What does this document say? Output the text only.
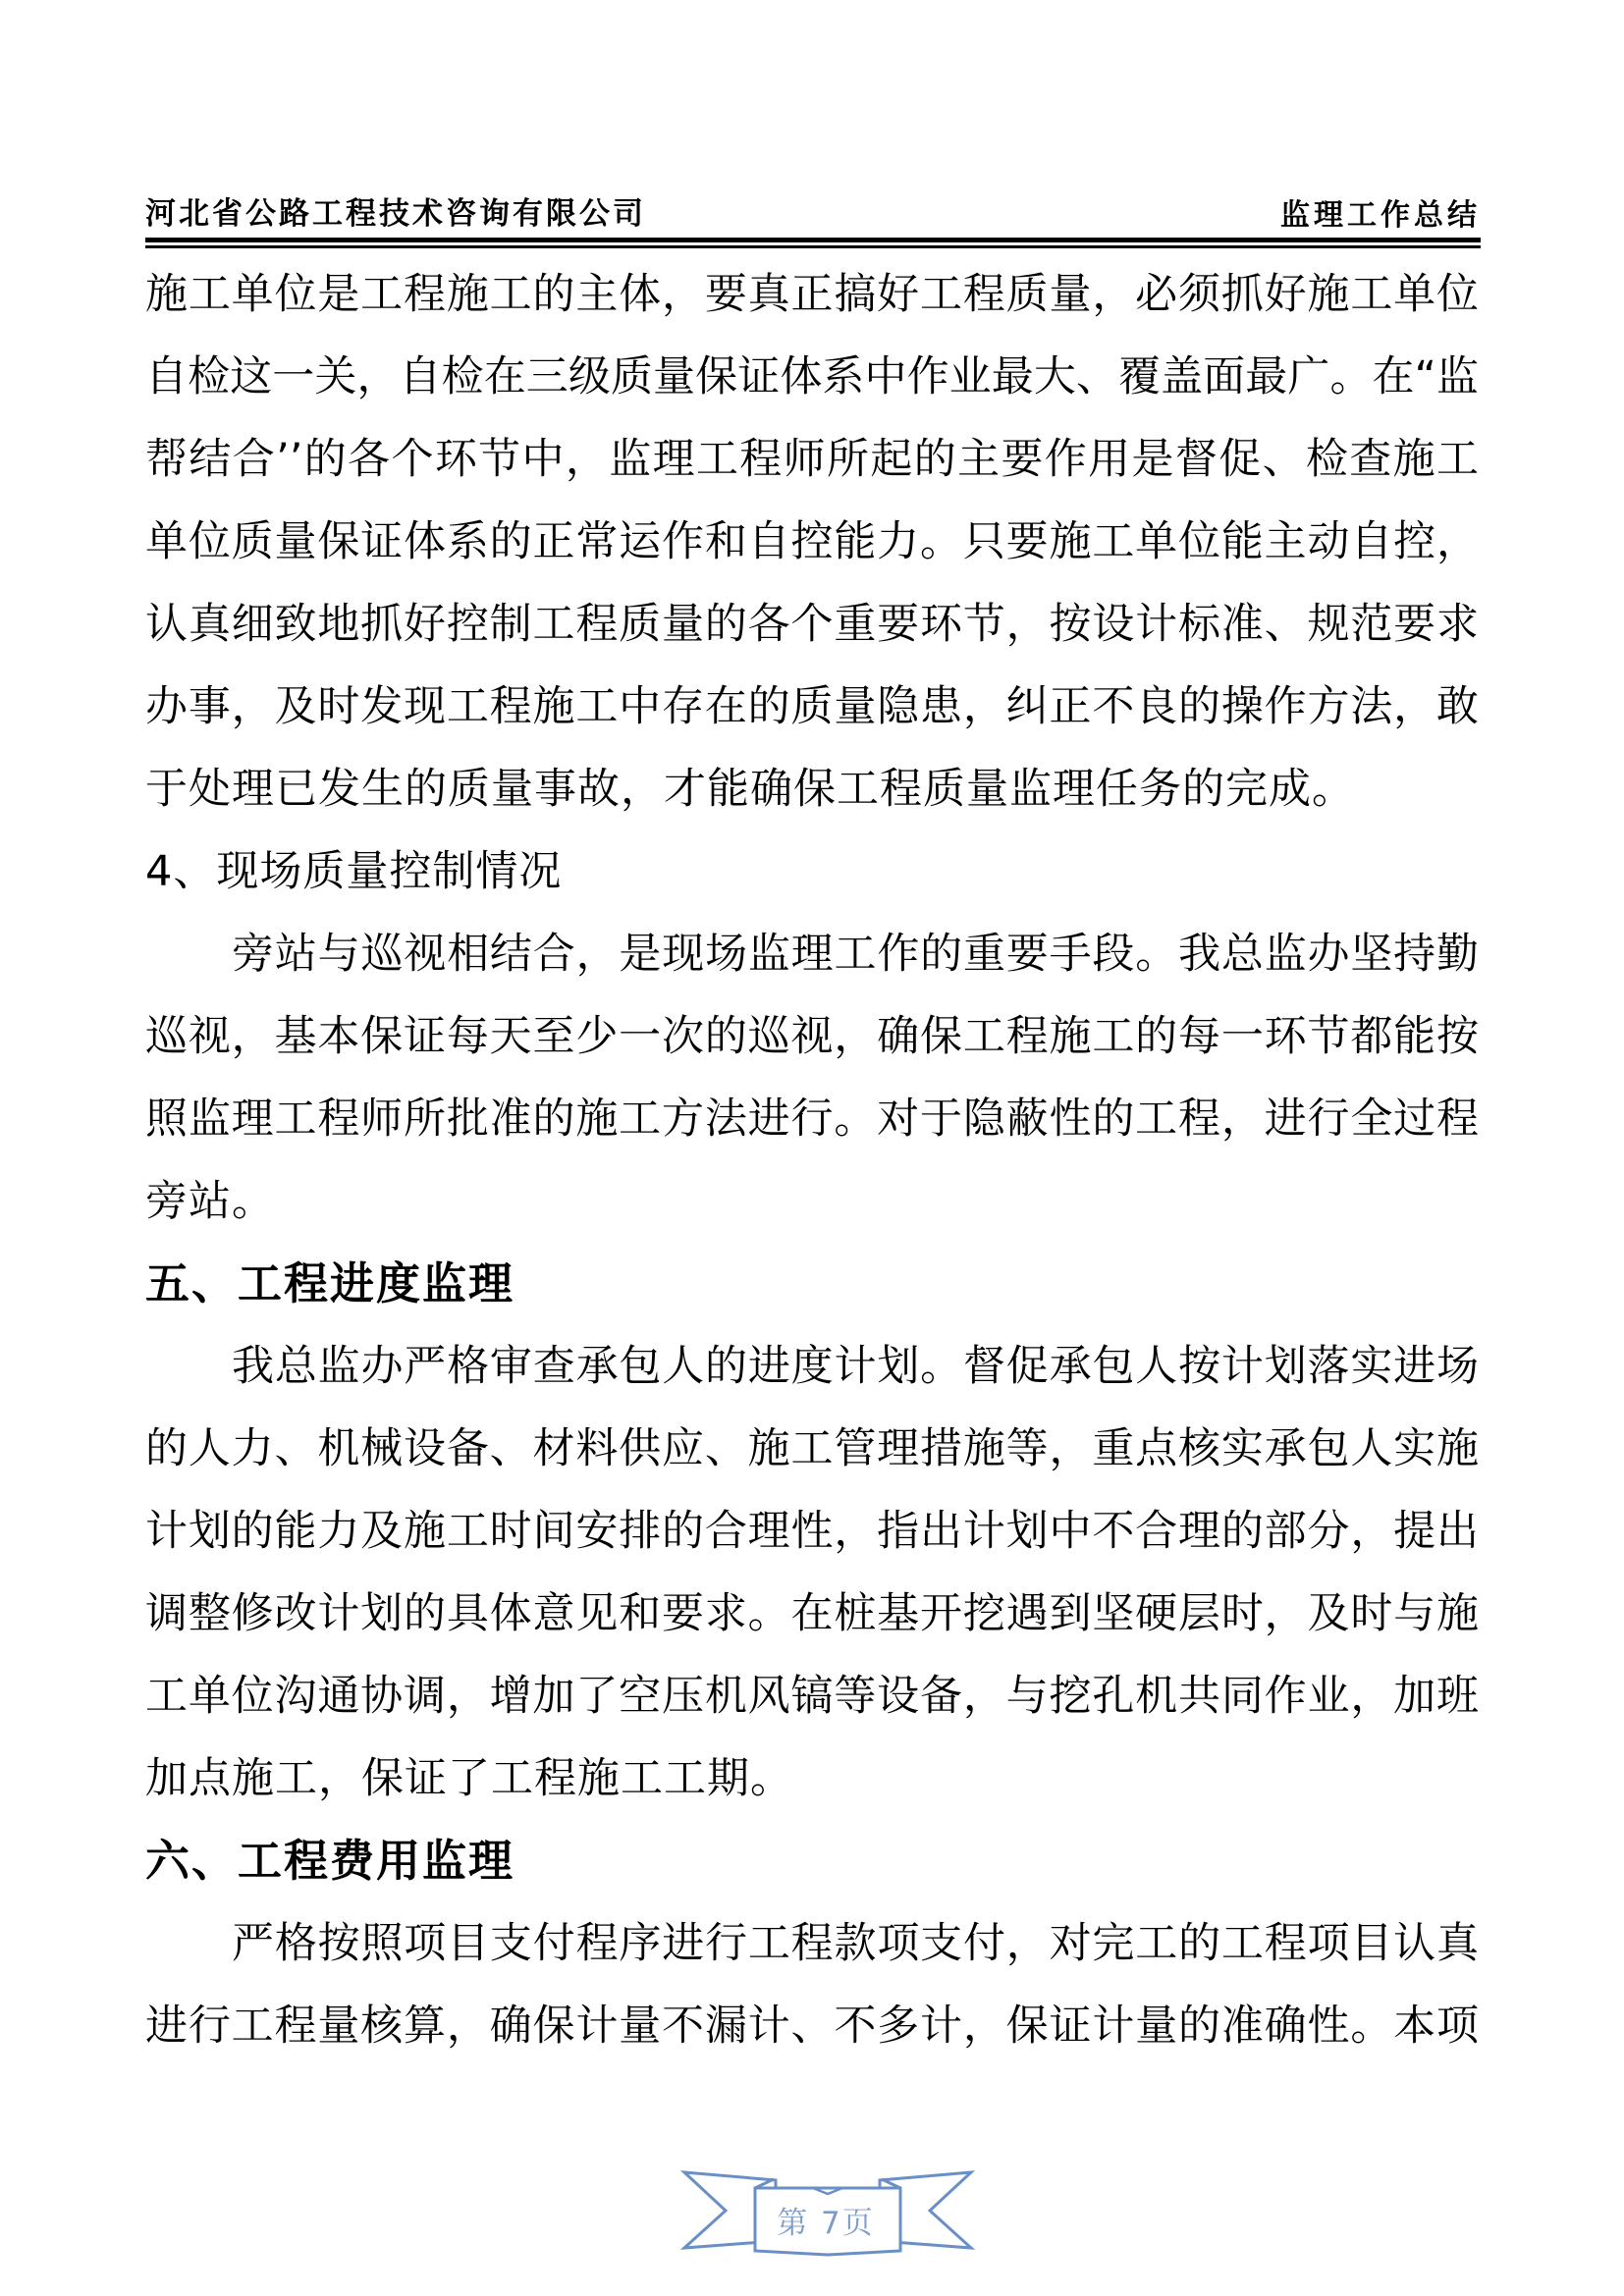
河北省公路工程技术咨询有限公司	监理工作总结
施工单位是工程施工的主体，要真正搞好工程质量，必须抓好施工单位
自检这一关，自检在三级质量保证体系中作业最大、覆盖面最广。在“监
帮结合’’的各个环节中，监理工程师所起的主要作用是督促、检查施工
单位质量保证体系的正常运作和自控能力。只要施工单位能主动自控，
认真细致地抓好控制工程质量的各个重要环节，按设计标准、规范要求
办事，及时发现工程施工中存在的质量隐患，纠正不良的操作方法，敢
于处理已发生的质量事故，才能确保工程质量监理任务的完成。
4、现场质量控制情况
旁站与巡视相结合，是现场监理工作的重要手段。我总监办坚持勤
巡视，基本保证每天至少一次的巡视，确保工程施工的每一环节都能按
照监理工程师所批准的施工方法进行。对于隐蔽性的工程，进行全过程
旁站。
五、工程进度监理
我总监办严格审查承包人的进度计划。督促承包人按计划落实进场
的人力、机械设备、材料供应、施工管理措施等，重点核实承包人实施
计划的能力及施工时间安排的合理性，指出计划中不合理的部分，提出
调整修改计划的具体意见和要求。在桩基开挖遇到坚硬层时，及时与施
工单位沟通协调，增加了空压机风镐等设备，与挖孔机共同作业，加班
加点施工，保证了工程施工工期。
六、工程费用监理
严格按照项目支付程序进行工程款项支付，对完工的工程项目认真
进行工程量核算，确保计量不漏计、不多计，保证计量的准确性。本项
第 7页
